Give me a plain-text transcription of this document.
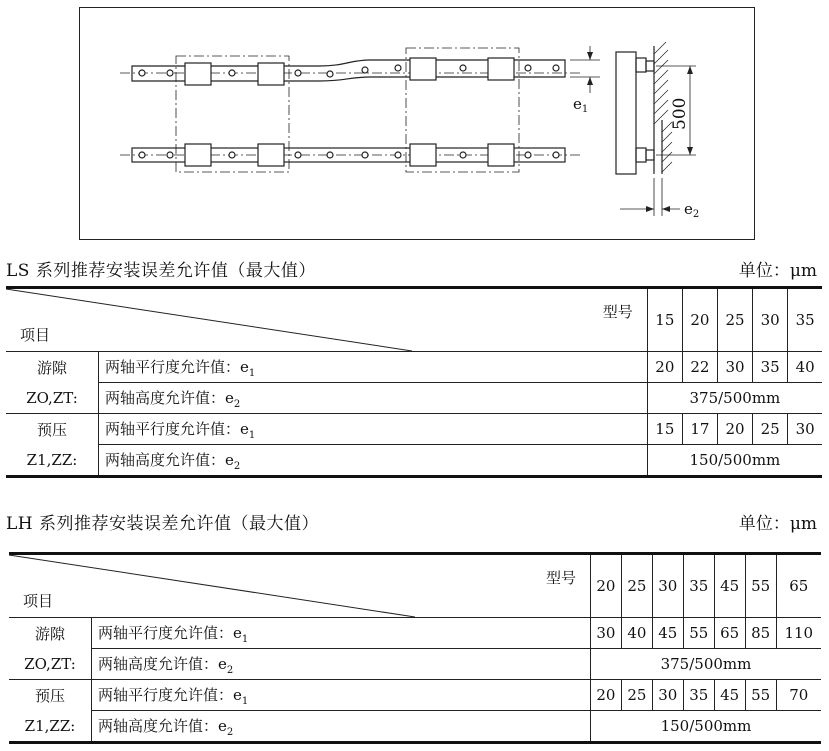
$e_1$
$e_2$
500
LS 系列推荐安装误差允许值（最大值）	单位：μm
型号
项目		15	20	25	30	35
游隙	两轴平行度允许值：$e_1$	20	22	30	35	40
ZO,ZT:	两轴高度允许值：$e_2$	375/500mm				
预压	两轴平行度允许值：$e_1$	15	17	20	25	30
Z1,ZZ:	两轴高度允许值：$e_2$	150/500mm				
LH 系列推荐安装误差允许值（最大值）	单位：μm
型号
项目		20	25	30	35	45	55	65
游隙	两轴平行度允许值：$e_1$	30	40	45	55	65	85	110
ZO,ZT:	两轴高度允许值：$e_2$	375/500mm						
预压	两轴平行度允许值：$e_1$	20	25	30	35	45	55	70
Z1,ZZ:	两轴高度允许值：$e_2$	150/500mm						
